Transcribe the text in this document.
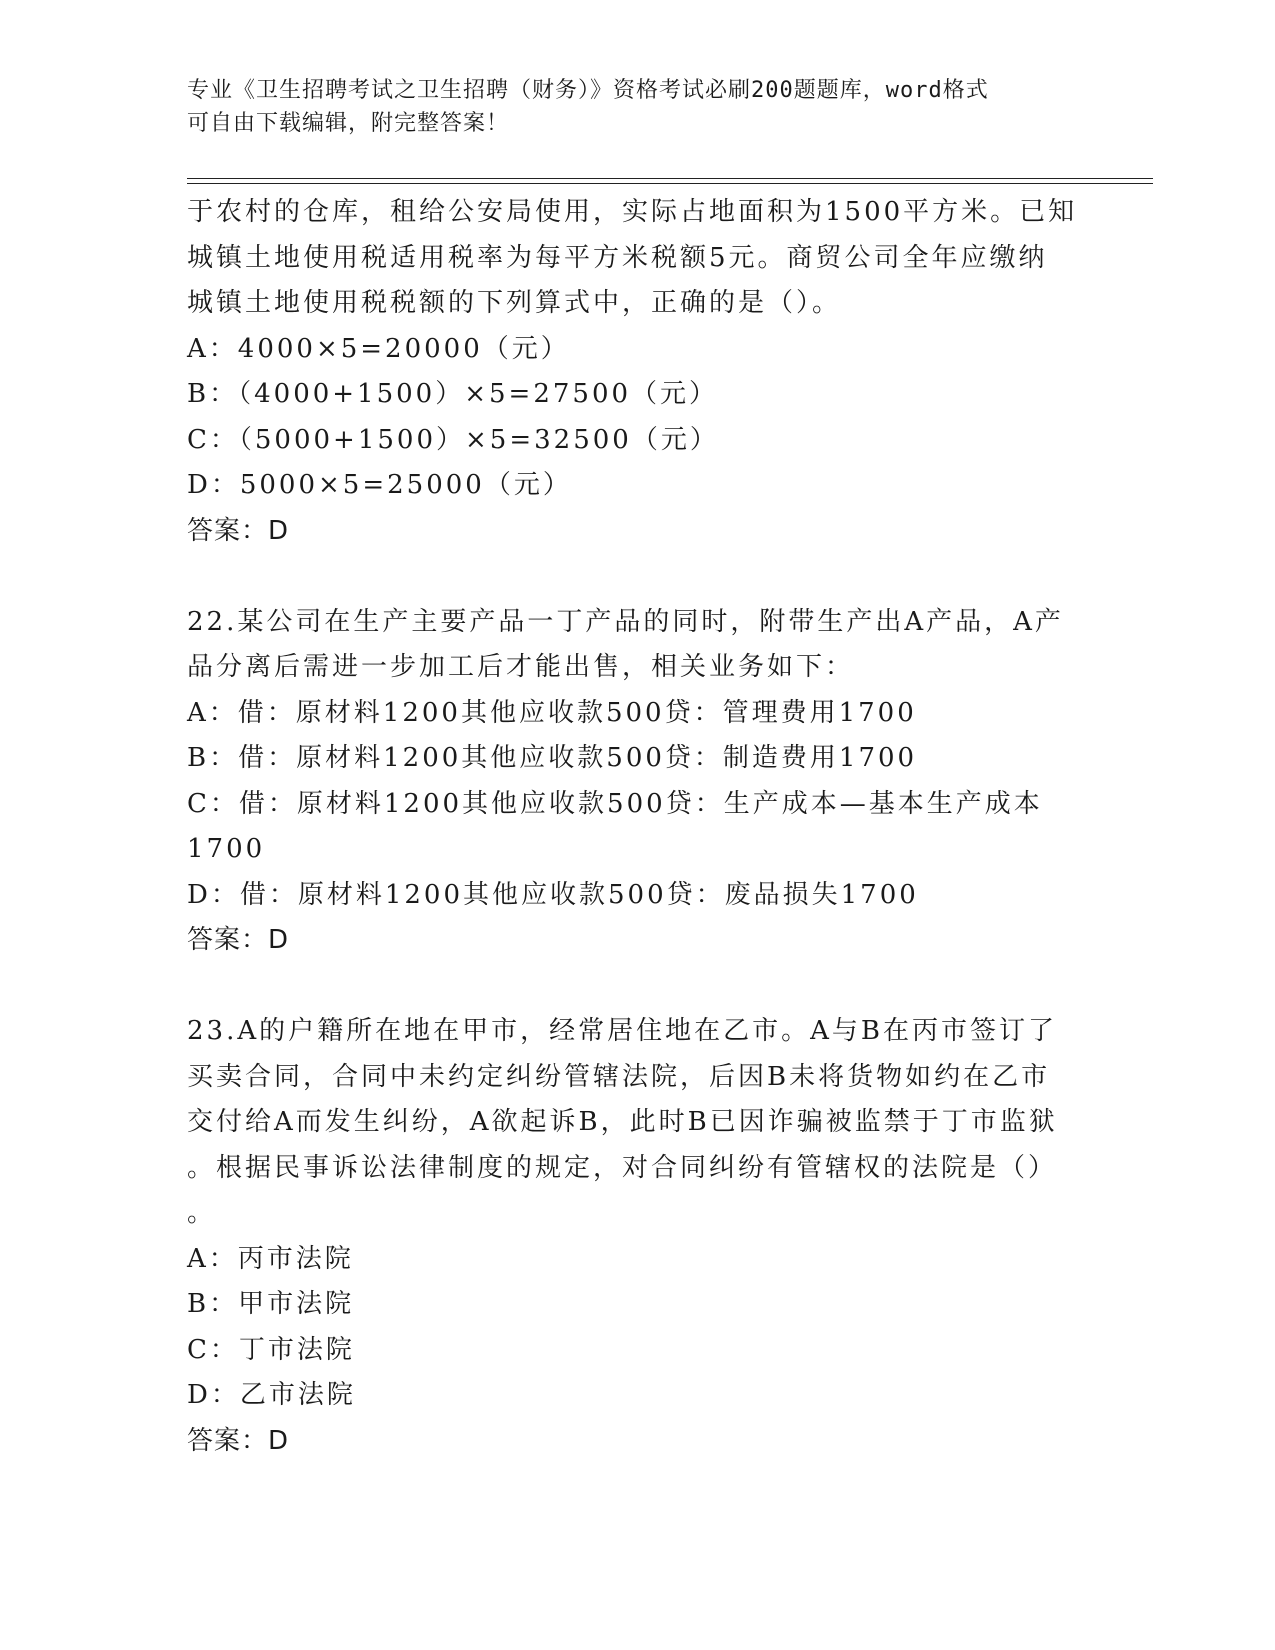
专业《卫生招聘考试之卫生招聘（财务）》资格考试必刷200题题库，word格式
可自由下载编辑，附完整答案！
于农村的仓库，租给公安局使用，实际占地面积为1500平方米。已知
城镇土地使用税适用税率为每平方米税额5元。商贸公司全年应缴纳
城镇土地使用税税额的下列算式中，正确的是（）。
A：4000×5=20000（元）
B：（4000+1500）×5=27500（元）
C：（5000+1500）×5=32500（元）
D：5000×5=25000（元）
答案：D
22.某公司在生产主要产品一丁产品的同时，附带生产出A产品，A产
品分离后需进一步加工后才能出售，相关业务如下：
A：借：原材料1200其他应收款500贷：管理费用1700
B：借：原材料1200其他应收款500贷：制造费用1700
C：借：原材料1200其他应收款500贷：生产成本—基本生产成本
1700
D：借：原材料1200其他应收款500贷：废品损失1700
答案：D
23.A的户籍所在地在甲市，经常居住地在乙市。A与B在丙市签订了
买卖合同，合同中未约定纠纷管辖法院，后因B未将货物如约在乙市
交付给A而发生纠纷，A欲起诉B，此时B已因诈骗被监禁于丁市监狱
。根据民事诉讼法律制度的规定，对合同纠纷有管辖权的法院是（）
。
A：丙市法院
B：甲市法院
C：丁市法院
D：乙市法院
答案：D
